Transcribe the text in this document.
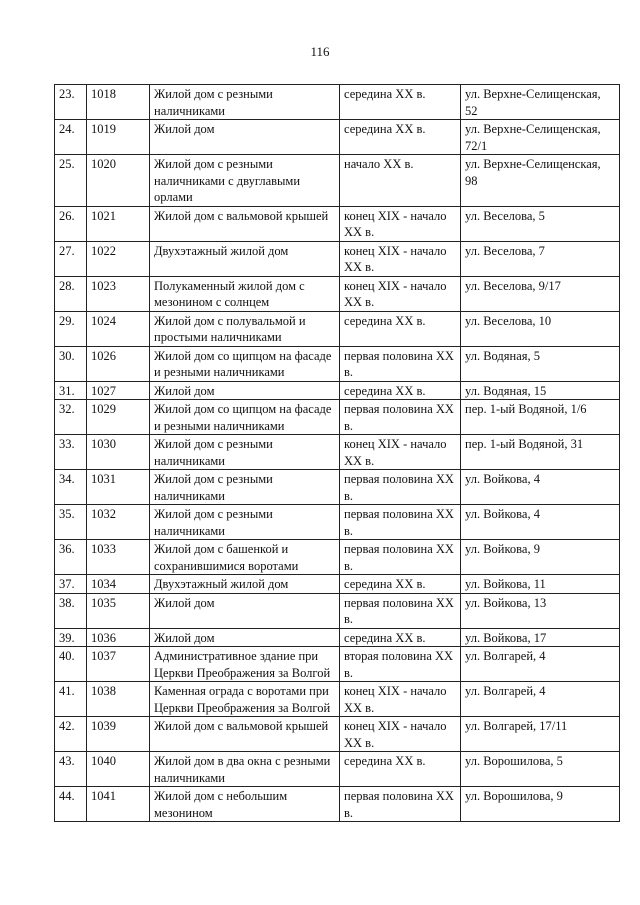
116
23.	1018	Жилой дом с резными наличниками	середина XX в.	ул. Верхне-Селищенская, 52
24.	1019	Жилой дом	середина XX в.	ул. Верхне-Селищенская, 72/1
25.	1020	Жилой дом с резными наличниками с двуглавыми орлами	начало XX в.	ул. Верхне-Селищенская, 98
26.	1021	Жилой дом с вальмовой крышей	конец XIX - начало XX в.	ул. Веселова, 5
27.	1022	Двухэтажный жилой дом	конец XIX - начало XX в.	ул. Веселова, 7
28.	1023	Полукаменный жилой дом с мезонином с солнцем	конец XIX - начало XX в.	ул. Веселова, 9/17
29.	1024	Жилой дом с полувальмой и простыми наличниками	середина XX в.	ул. Веселова, 10
30.	1026	Жилой дом со щипцом на фасаде и резными наличниками	первая половина XX в.	ул. Водяная, 5
31.	1027	Жилой дом	середина XX в.	ул. Водяная, 15
32.	1029	Жилой дом со щипцом на фасаде и резными наличниками	первая половина XX в.	пер. 1-ый Водяной, 1/6
33.	1030	Жилой дом с резными наличниками	конец XIX - начало XX в.	пер. 1-ый Водяной, 31
34.	1031	Жилой дом с резными наличниками	первая половина XX в.	ул. Войкова, 4
35.	1032	Жилой дом с резными наличниками	первая половина XX в.	ул. Войкова, 4
36.	1033	Жилой дом с башенкой и сохранившимися воротами	первая половина XX в.	ул. Войкова, 9
37.	1034	Двухэтажный жилой дом	середина XX в.	ул. Войкова, 11
38.	1035	Жилой дом	первая половина XX в.	ул. Войкова, 13
39.	1036	Жилой дом	середина XX в.	ул. Войкова, 17
40.	1037	Административное здание при Церкви Преображения за Волгой	вторая половина XX в.	ул. Волгарей, 4
41.	1038	Каменная ограда с воротами при Церкви Преображения за Волгой	конец XIX - начало XX в.	ул. Волгарей, 4
42.	1039	Жилой дом с вальмовой крышей	конец XIX - начало XX в.	ул. Волгарей, 17/11
43.	1040	Жилой дом в два окна с резными наличниками	середина XX в.	ул. Ворошилова, 5
44.	1041	Жилой дом с небольшим мезонином	первая половина XX в.	ул. Ворошилова, 9
